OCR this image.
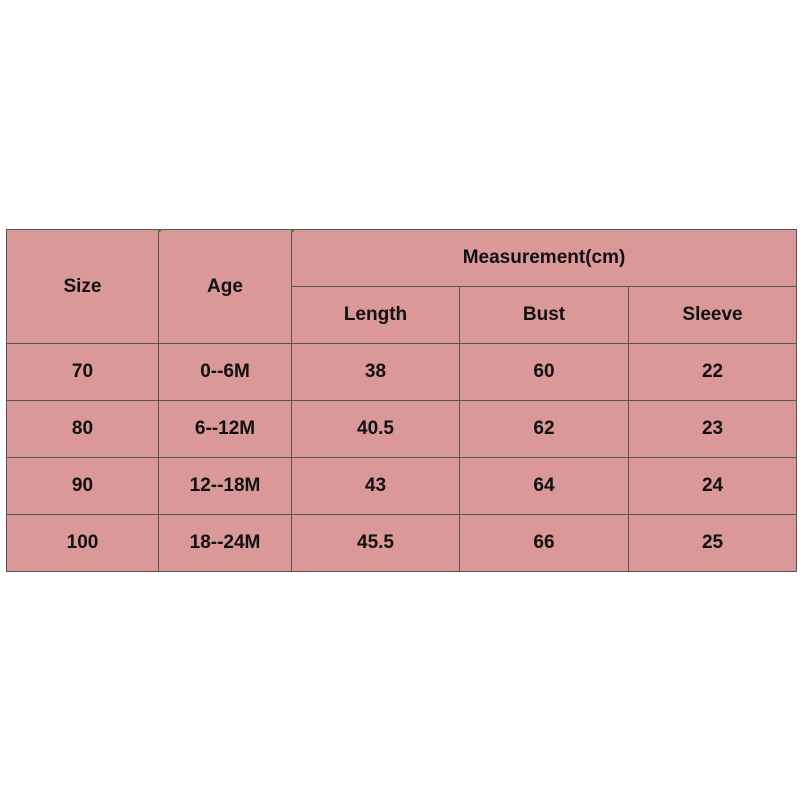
Size	Age	Measurement(cm)		
		Length	Bust	Sleeve
70	0--6M	38	60	22
80	6--12M	40.5	62	23
90	12--18M	43	64	24
100	18--24M	45.5	66	25
